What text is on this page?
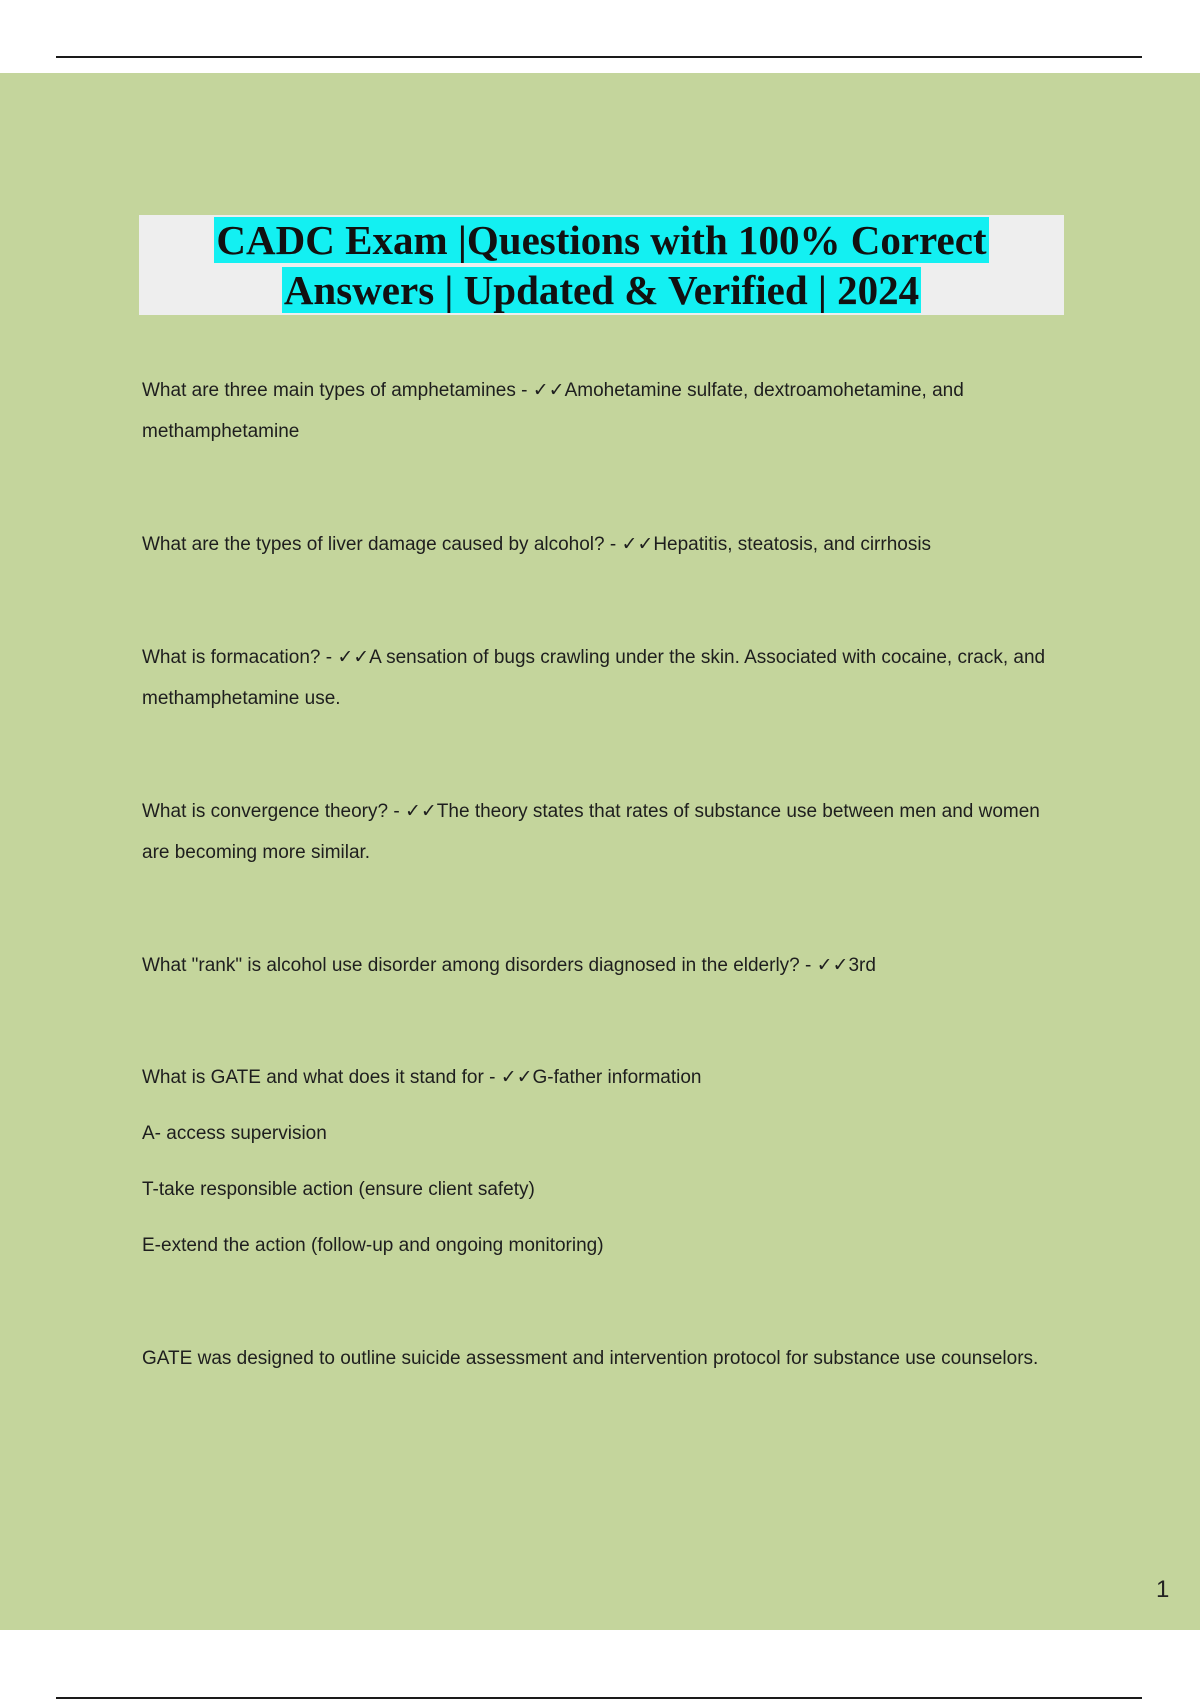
CADC Exam |Questions with 100% Correct
Answers | Updated & Verified | 2024

What are three main types of amphetamines - ✓✓Amohetamine sulfate, dextroamohetamine, and methamphetamine

What are the types of liver damage caused by alcohol? - ✓✓Hepatitis, steatosis, and cirrhosis

What is formacation? - ✓✓A sensation of bugs crawling under the skin. Associated with cocaine, crack, and methamphetamine use.

What is convergence theory? - ✓✓The theory states that rates of substance use between men and women are becoming more similar.

What "rank" is alcohol use disorder among disorders diagnosed in the elderly? - ✓✓3rd

What is GATE and what does it stand for - ✓✓G-father information

A- access supervision

T-take responsible action (ensure client safety)

E-extend the action (follow-up and ongoing monitoring)

GATE was designed to outline suicide assessment and intervention protocol for substance use counselors.

1
